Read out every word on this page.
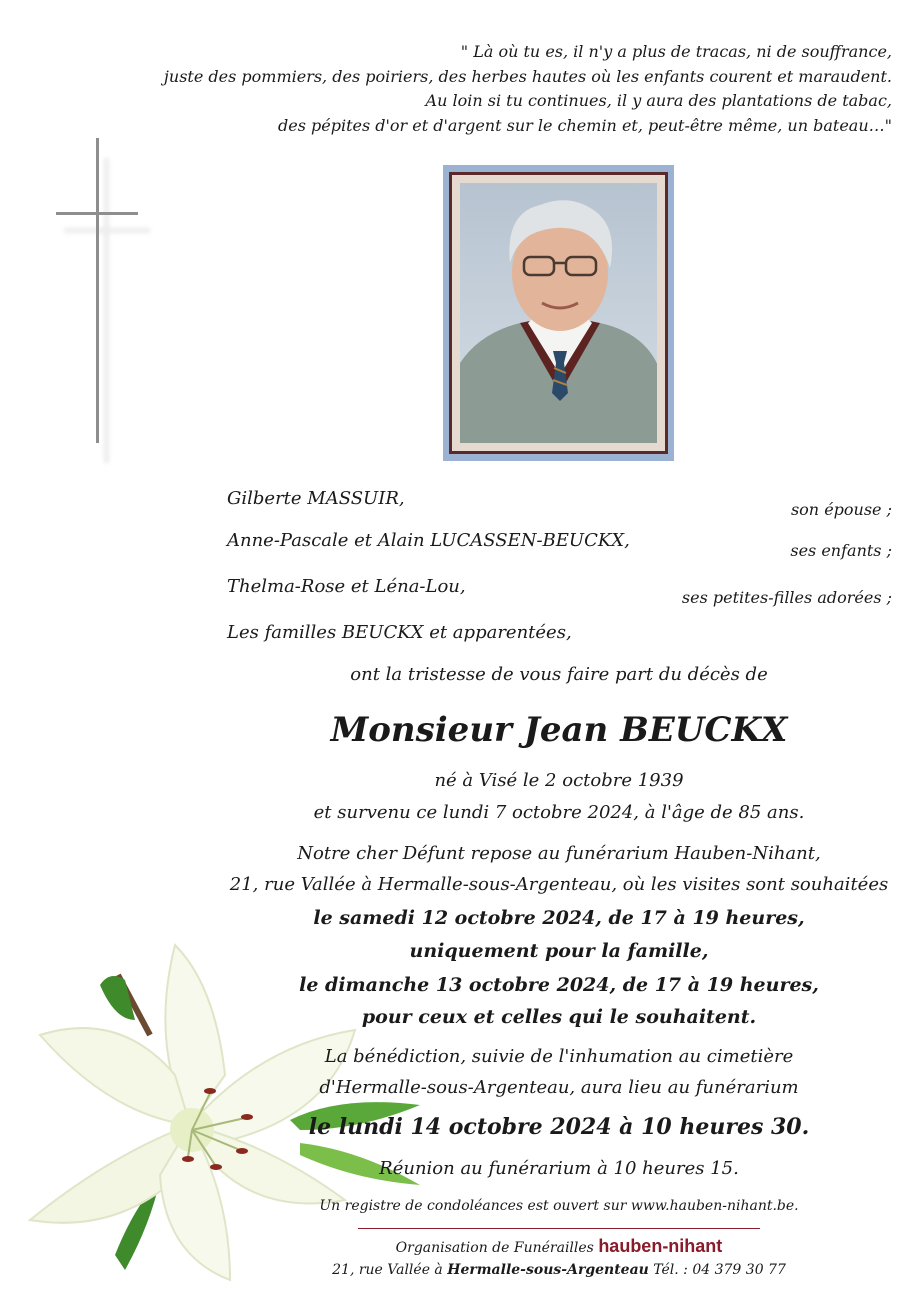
" Là où tu es, il n'y a plus de tracas, ni de souffrance,
juste des pommiers, des poiriers, des herbes hautes où les enfants courent et maraudent.
Au loin si tu continues, il y aura des plantations de tabac,
des pépites d'or et d'argent sur le chemin et, peut-être même, un bateau…"
Gilberte MASSUIR,
son épouse ;
Anne-Pascale et Alain LUCASSEN-BEUCKX,	ses enfants ;
Thelma-Rose et Léna-Lou,
ses petites-filles adorées ;
Les familles BEUCKX et apparentées,
ont la tristesse de vous faire part du décès de
Monsieur Jean BEUCKX
né à Visé le 2 octobre 1939
et survenu ce lundi 7 octobre 2024, à l'âge de 85 ans.
Notre cher Défunt repose au funérarium Hauben-Nihant,
21, rue Vallée à Hermalle-sous-Argenteau, où les visites sont souhaitées
le samedi 12 octobre 2024, de 17 à 19 heures,
uniquement pour la famille,
le dimanche 13 octobre 2024, de 17 à 19 heures,
pour ceux et celles qui le souhaitent.
La bénédiction, suivie de l'inhumation au cimetière
d'Hermalle-sous-Argenteau, aura lieu au funérarium
le lundi 14 octobre 2024 à 10 heures 30.
Réunion au funérarium à 10 heures 15.
Un registre de condoléances est ouvert sur www.hauben-nihant.be.
Organisation de Funérailles hauben-nihant
21, rue Vallée à Hermalle-sous-Argenteau Tél. : 04 379 30 77
